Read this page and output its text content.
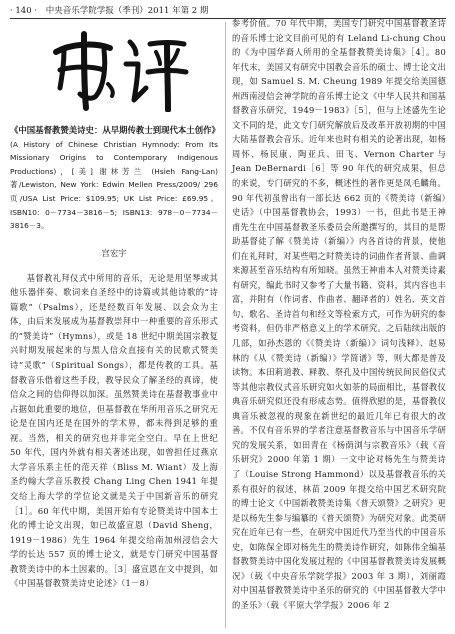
· 140 · 中央音乐学院学报（季刊）2011 年第 2 期

《中国基督教赞美诗史：从早期传教士到现代本土创作》(A History of Chinese Christian Hymnody: From Its Missionary Origins to Contemporary Indigenous Productions)，[美] 谢林芳兰 (Hsieh Fang-Lan) 著/Lewiston, New York: Edwin Mellen Press/2009/ 296 页/USA List Price: $109.95; UK List Price: £69.95。 ISBN10: 0－7734－3816－5; ISBN13: 978－0－7734－3816－3。

宫宏宇

基督教礼拜仪式中所用的音乐，无论是用坚琴或其他乐器伴奏、歌词来自圣经中的诗篇或其他诗歌的“诗篇歌”（Psalms），还是经数百年发展、以会众为主体，由后来发展成为基督教崇拜中一种重要的音乐形式的“赞美诗”（Hymns），或是 18 世纪中期美国宗教复兴时期发展起来的与黑人信众直接有关的民歌式赞美诗“灵歌”（Spiritual Songs），都是传教的工具。基督教音乐借着这些手段，教导民众了解圣经的真谛，使信众之间的信仰得以加深。虽然赞美诗在基督教事业中占据如此重要的地位，但基督教在华所用音乐之研究无论是在国内还是在国外的学术界，都未得到足够的重视。当然，相关的研究也并非完全空白。早在上世纪 50 年代，国内外就有相关著述出现，如曾担任过燕京大学音乐系主任的范天祥（Bliss M. Wiant）及上海圣约翰大学音乐教授 Chang Ling Chen 1941 年提交给上海大学的学位论文就是关于中国新音乐的研究［1］。60 年代中期，美国开始有专论赞美诗中国本土化的博士论文出现，如已故盛宣恩（David Sheng，1919－1986）先生 1964 年提交给南加州浸信会大学的长达 557 页的博士论文，就是专门研究中国基督教赞美诗中的本土因素的。［3］盛宣恩在文中提到，如《中国基督教赞美诗史论述》（1－8）

参考价值。70 年代中期，美国专门研究中国基督教圣诗的音乐博士论文目前可见的有 Leland Li-chung Chou 的《为中国华裔人所用的全基督教赞美诗集》［4］。80 年代末，美国又有研究中国教会音乐的硕士、博士论文出现，如 Samuel S. M. Cheung 1989 年提交给美国德州西南浸信会神学院的音乐博士论文《中华人民共和国基督教音乐研究，1949－1983》［5］，但与上述盛先生论文不同的是，此文专门研究解放后及改革开放初期的中国大陆基督教会音乐。近年来也时有相关的论著出现，如杨周怀、杨民康、陶亚兵、田飞、Vernon Charter 与 Jean DeBernardi［6］等 90 年代的研究成果，但总的来说，专门研究的不多，概述性的著作更是凤毛麟角。90 年代初虽曾出有一部长达 662 页的《赞美诗（新编）史话》（中国基督教协会，1993）一书，但此书是王神甫先生在中国基督教圣乐委员会所邀撰写的，其目的是帮助基督徒了解《赞美诗（新编）》内各首诗的背景，使他们在礼拜时，对某些唱之时赞美诗的词曲作者背景、曲调来源甚至音乐结构有所知晓。虽然王神甫本人对赞美诗素有研究，编此书时又参考了大量书籍、资料，其内容也丰富，并附有（作词者、作曲者、翻译者的）姓名、英文首句、歌名、圣诗首句和经文等检索方式，可作为研究的参考资料，但仍非严格意义上的学术研究。之后陆续出版的几部，如孙杰恩的《《赞美诗（新编）》词句浅释》、赵易林的《从《赞美诗（新编）》学简谱》等，则大都是普及读物。本田莉道教、释教、祭孔及中国传统民间民俗仪式等其他宗教仪式音乐研究如火如荼的局面相比，基督教仪典音乐研究似还没有形成态势。值得欣慰的是，基督教仪典音乐被忽视的现象在新世纪的最近几年已有很大的改善。不仅有音乐界的学者注意基督教音乐与中国音乐学研究的发展关系，如田青在《杨荫浏与宗教音乐》（载《音乐研究》2000 年第 1 期）一文中论对杨先生与赞美诗了（Louise Strong Hammond）以及基督教音乐的关系有很好的叙述，林苗 2009 年提交给中国艺术研究院的博士论文《中国新教赞美诗集《普天颂赞》之研究》更是以杨先生参与编纂的《普天颂赞》为研究对象。此类研究在近年已有一些，在研究中国近代乃至当代的中国音乐史，如陈保全即对杨先生的赞美诗作研究，如陈伟全编基督教赞美诗中国化发展过程的《中国基督教赞美诗发展概况》（载《中央音乐学院学报》2003 年 3 期），刘丽霞对中国基督教赞美诗中圣乐的研究的《中国基督教大学中的圣乐》（载《平原大学学报》2006 年 2
